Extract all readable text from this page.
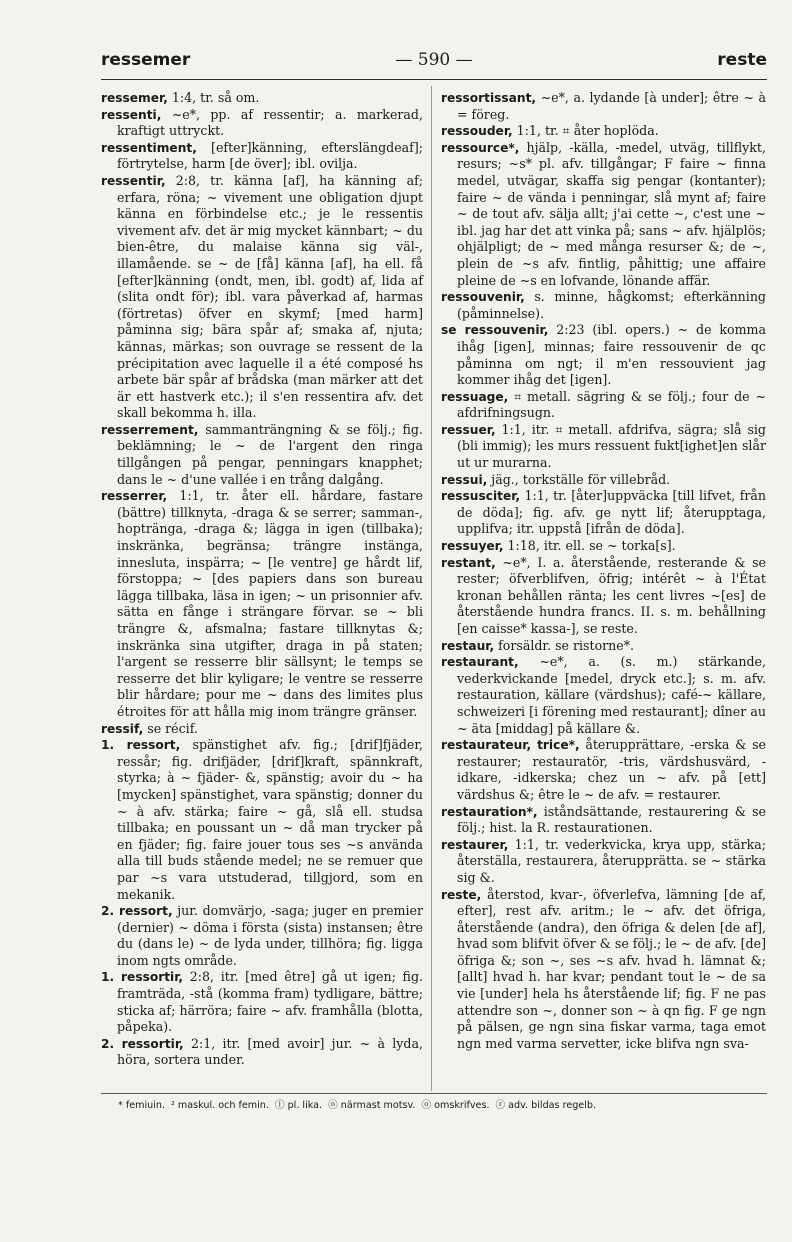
ressemer	— 590 —	reste
ressemer, 1:4, tr. så om.
ressenti, ~e*, pp. af ressentir; a. markerad, kraftigt uttryckt.
ressentiment, [efter]känning, efterslängdeaf]; förtrytelse, harm [de över]; ibl. ovilja.
ressentir, 2:8, tr. känna [af], ha känning af; erfara, röna; ~ vivement une obligation djupt känna en förbindelse etc.; je le ressentis vivement afv. det är mig mycket kännbart; ~ du bien-être, du malaise känna sig väl-, illamående. se ~ de [få] känna [af], ha ell. få [efter]känning (ondt, men, ibl. godt) af, lida af (slita ondt för); ibl. vara påverkad af, harmas (förtretas) öfver en skymf; [med harm] påminna sig; bära spår af; smaka af, njuta; kännas, märkas; son ouvrage se ressent de la précipitation avec laquelle il a été composé hs arbete bär spår af brådska (man märker att det är ett hastverk etc.); il s'en ressentira afv. det skall bekomma h. illa.
resserrement, sammanträngning & se följ.; fig. beklämning; le ~ de l'argent den ringa tillgången på pengar, penningars knapphet; dans le ~ d'une vallée i en trång dalgång.
resserrer, 1:1, tr. åter ell. hårdare, fastare (bättre) tillknyta, -draga & se serrer; samman-, hopträngа, -draga &; lägga in igen (tillbaka); inskränka, begränsa; trängre instänga, innesluta, inspärra; ~ [le ventre] ge hårdt lif, förstoppa; ~ [des papiers dans son bureau lägga tillbaka, läsa in igen; ~ un prisonnier afv. sätta en fånge i strängare förvar. se ~ bli trängre &, afsmalna; fastare tillknytas &; inskränka sina utgifter, draga in på staten; l'argent se resserre blir sällsynt; le temps se resserre det blir kyligare; le ventre se resserre blir hårdare; pour me ~ dans des limites plus étroites för att hålla mig inom trängre gränser.
ressif, se récif.
1. ressort, spänstighet afv. fig.; [drif]fjäder, ressår; fig. drifjäder, [drif]kraft, spännkraft, styrka; à ~ fjäder- &, spänstig; avoir du ~ ha [mycken] spänstighet, vara spänstig; donner du ~ à afv. stärka; faire ~ gå, slå ell. studsa tillbaka; en poussant un ~ då man trycker på en fjäder; fig. faire jouer tous ses ~s använda alla till buds stående medel; ne se remuer que par ~s vara utstuderad, tillgjord, som en mekanik.
2. ressort, jur. domvärjo, -saga; juger en premier (dernier) ~ döma i första (sista) instansen; être du (dans le) ~ de lyda under, tillhöra; fig. ligga inom ngts område.
1. ressortir, 2:8, itr. [med être] gå ut igen; fig. framträda, -stå (komma fram) tydligare, bättre; sticka af; härröra; faire ~ afv. framhålla (blotta, påpeka).
2. ressortir, 2:1, itr. [med avoir] jur. ~ à lyda, höra, sortera under.
ressortissant, ~e*, a. lydande [à under]; être ~ à = föreg.
ressouder, 1:1, tr. ⌗ åter hoplöda.
ressource*, hjälp, -källa, -medel, utväg, tillflykt, resurs; ~s* pl. afv. tillgångar; F faire ~ finna medel, utvägar, skaffa sig pengar (kontanter); faire ~ de vända i penningar, slå mynt af; faire ~ de tout afv. sälja allt; j'ai cette ~, c'est une ~ ibl. jag har det att vinka på; sans ~ afv. hjälplös; ohjälpligt; de ~ med många resurser &; de ~, plein de ~s afv. fintlig, påhittig; une affaire pleine de ~s en lofvande, lönande affär.
ressouvenir, s. minne, hågkomst; efterkänning (påminnelse).
se ressouvenir, 2:23 (ibl. opers.) ~ de komma ihåg [igen], minnas; faire ressouvenir de qc påminna om ngt; il m'en ressouvient jag kommer ihåg det [igen].
ressuage, ⌗ metall. sägring & se följ.; four de ~ afdrifningsugn.
ressuer, 1:1, itr. ⌗ metall. afdrifva, sägra; slå sig (bli immig); les murs ressuent fukt[ighet]en slår ut ur murarna.
ressui, jäg., torkställe för villebråd.
ressusciter, 1:1, tr. [åter]uppväcka [till lifvet, från de döda]; fig. afv. ge nytt lif; återupptaga, upplifva; itr. uppstå [ifrån de döda].
ressuyer, 1:18, itr. ell. se ~ torka[s].
restant, ~e*, I. a. återstående, resterande & se rester; öfverblifven, öfrig; intérêt ~ à l'État kronan behållen ränta; les cent livres ~[es] de återstående hundra francs. II. s. m. behållning [en caisse* kassa-], se reste.
restaur, forsäldr. se ristorne*.
restaurant, ~e*, a. (s. m.) stärkande, vederkvickande [medel, dryck etc.]; s. m. afv. restauration, källare (värdshus); café-~ källare, schweizeri [i förening med restaurant]; dîner au ~ äta [middag] på källare &.
restaurateur, trice*, återupprättare, -erska & se restaurer; restauratör, -tris, värdshusvärd, -idkare, -idkerska; chez un ~ afv. på [ett] värdshus &; être le ~ de afv. = restaurer.
restauration*, iståndsättande, restaurering & se följ.; hist. la R. restaurationen.
restaurer, 1:1, tr. vederkvicka, krya upp, stärka; återställa, restaurera, återupprätta. se ~ stärka sig &.
reste, återstod, kvar-, öfverlefva, lämning [de af, efter], rest afv. aritm.; le ~ afv. det öfriga, återstående (andra), den öfriga & delen [de af], hvad som blifvit öfver & se följ.; le ~ de afv. [de] öfriga &; son ~, ses ~s afv. hvad h. lämnat &; [allt] hvad h. har kvar; pendant tout le ~ de sa vie [under] hela hs återstående lif; fig. F ne pas attendre son ~, donner son ~ à qn fig. F ge ngn på pälsen, ge ngn sina fiskar varma, taga emot ngn med varma servetter, icke blifva ngn sva-
* femiuin. ² maskul. och femin. ⓛ pl. lika. ⓝ närmast motsv. ⓞ omskrifves. ⓡ adv. bildas regelb.
